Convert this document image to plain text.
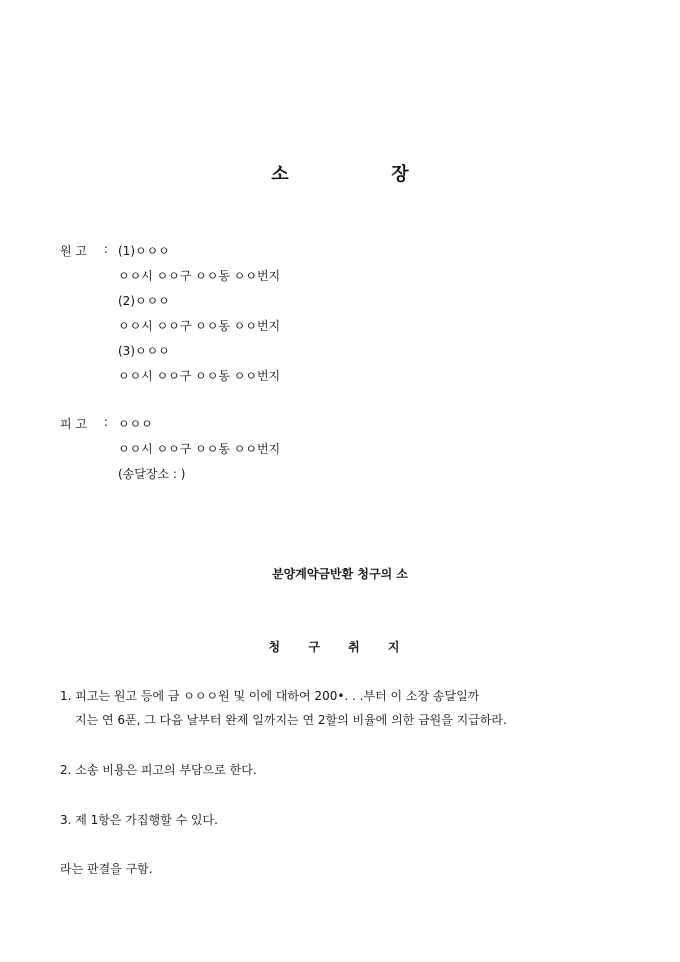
소	장
원 고 : (1)ㅇㅇㅇ
ㅇㅇ시 ㅇㅇ구 ㅇㅇ동 ㅇㅇ번지
(2)ㅇㅇㅇ
ㅇㅇ시 ㅇㅇ구 ㅇㅇ동 ㅇㅇ번지
(3)ㅇㅇㅇ
ㅇㅇ시 ㅇㅇ구 ㅇㅇ동 ㅇㅇ번지
피 고 : ㅇㅇㅇ
ㅇㅇ시 ㅇㅇ구 ㅇㅇ동 ㅇㅇ번지
(송달장소 : )
분양계약금반환 청구의 소
청 구 취 지
1. 피고는 원고 등에 금 ㅇㅇㅇ원 및 이에 대하여 200•. . .부터 이 소장 송달일까
지는 연 6푼, 그 다음 날부터 완제 일까지는 연 2할의 비율에 의한 금원을 지급하라.
2. 소송 비용은 피고의 부담으로 한다.
3. 제 1항은 가집행할 수 있다.
라는 판결을 구함.
